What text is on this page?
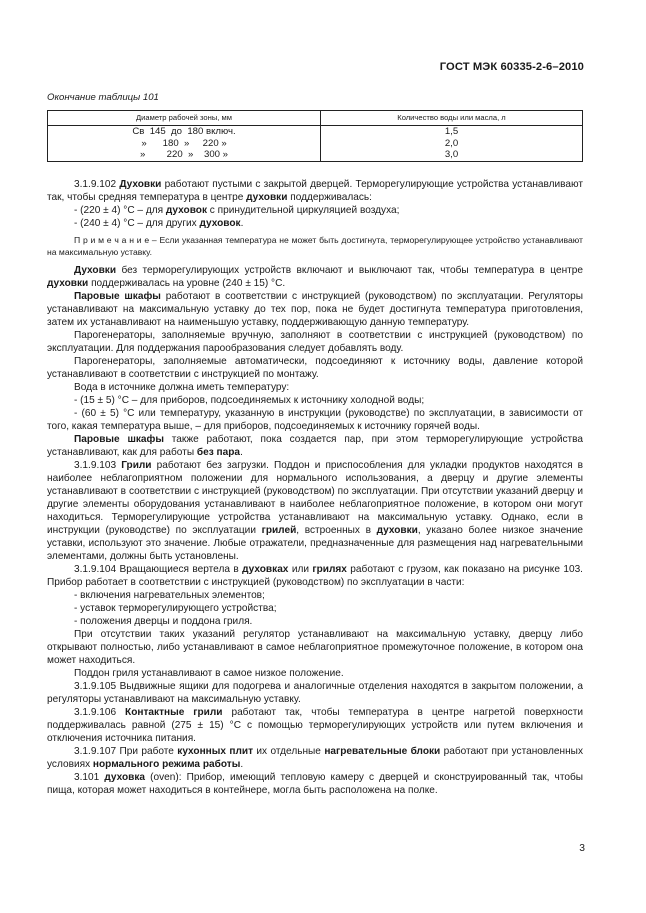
ГОСТ МЭК 60335-2-6–2010
Окончание таблицы 101
Диаметр рабочей зоны, мм	Количество воды или масла, л
Св  145  до  180 включ.	1,5
»      180  »     220 »	2,0
»        220  »    300 »	3,0

3.1.9.102 Духовки работают пустыми с закрытой дверцей. Терморегулирующие устройства устанавливают так, чтобы средняя температура в центре духовки поддерживалась:

- (220 ± 4) °С – для духовок с принудительной циркуляцией воздуха;

- (240 ± 4) °С – для других духовок.

П р и м е ч а н и е – Если указанная температура не может быть достигнута, терморегулирующее устройство устанавливают на максимальную уставку.

Духовки без терморегулирующих устройств включают и выключают так, чтобы температура в центре духовки поддерживалась на уровне (240 ± 15) °С.

Паровые шкафы работают в соответствии с инструкцией (руководством) по эксплуатации. Регуляторы устанавливают на максимальную уставку до тех пор, пока не будет достигнута температура приготовления, затем их устанавливают на наименьшую уставку, поддерживающую данную температуру.

Парогенераторы, заполняемые вручную, заполняют в соответствии с инструкцией (руководством) по эксплуатации. Для поддержания парообразования следует добавлять воду.

Парогенераторы, заполняемые автоматически, подсоединяют к источнику воды, давление которой устанавливают в соответствии с инструкцией по монтажу.

Вода в источнике должна иметь температуру:

- (15 ± 5) °С – для приборов, подсоединяемых к источнику холодной воды;

- (60 ± 5) °С или температуру, указанную в инструкции (руководстве) по эксплуатации, в зависимости от того, какая температура выше, – для приборов, подсоединяемых к источнику горячей воды.

Паровые шкафы также работают, пока создается пар, при этом терморегулирующие устройства устанавливают, как для работы без пара.

3.1.9.103 Грили работают без загрузки. Поддон и приспособления для укладки продуктов находятся в наиболее неблагоприятном положении для нормального использования, а дверцу и другие элементы устанавливают в соответствии с инструкцией (руководством) по эксплуатации. При отсутствии указаний дверцу и другие элементы оборудования устанавливают в наиболее неблагоприятное положение, в котором они могут находиться. Терморегулирующие устройства устанавливают на максимальную уставку. Однако, если в инструкции (руководстве) по эксплуатации грилей, встроенных в духовки, указано более низкое значение уставки, используют это значение. Любые отражатели, предназначенные для размещения над нагревательными элементами, должны быть установлены.

3.1.9.104 Вращающиеся вертела в духовках или грилях работают с грузом, как показано на рисунке 103. Прибор работает в соответствии с инструкцией (руководством) по эксплуатации в части:

- включения нагревательных элементов;

- уставок терморегулирующего устройства;

- положения дверцы и поддона гриля.

При отсутствии таких указаний регулятор устанавливают на максимальную уставку, дверцу либо открывают полностью, либо устанавливают в самое неблагоприятное промежуточное положение, в котором она может находиться.

Поддон гриля устанавливают в самое низкое положение.

3.1.9.105 Выдвижные ящики для подогрева и аналогичные отделения находятся в закрытом положении, а регуляторы устанавливают на максимальную уставку.

3.1.9.106 Контактные грили работают так, чтобы температура в центре нагретой поверхности поддерживалась равной (275 ± 15) °С с помощью терморегулирующих устройств или путем включения и отключения источника питания.

3.1.9.107 При работе кухонных плит их отдельные нагревательные блоки работают при установленных условиях нормального режима работы.

3.101 духовка (oven): Прибор, имеющий тепловую камеру с дверцей и сконструированный так, чтобы пища, которая может находиться в контейнере, могла быть расположена на полке.

3
